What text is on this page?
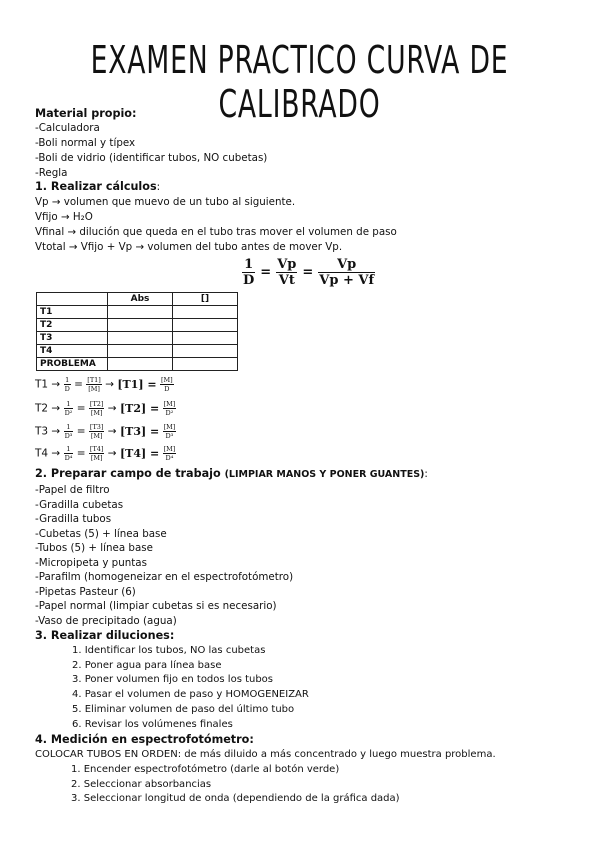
EXAMEN PRACTICO CURVA DE CALIBRADO
Material propio:
-Calculadora
-Boli normal y típex
-Boli de vidrio (identificar tubos, NO cubetas)
-Regla
1. Realizar cálculos:
Vp → volumen que muevo de un tubo al siguiente.
Vfijo → H₂O
Vfinal → dilución que queda en el tubo tras mover el volumen de paso
Vtotal → Vfijo + Vp → volumen del tubo antes de mover Vp.
$\frac{1}{D} = \frac{Vp}{Vt} = \frac{Vp}{Vp + Vf}$
	Abs	[]
T1		
T2		
T3		
T4		
PROBLEMA		
$T1 \to \frac{1}{D} = \frac{[T1]}{[M]} \to [T1] = \frac{[M]}{D}$
$T2 \to \frac{1}{\text{D²}} = \frac{[T2]}{[M]} \to [T2] = \frac{[M]}{\text{D²}}$
$T3 \to \frac{1}{\text{D³}} = \frac{[T3]}{[M]} \to [T3] = \frac{[M]}{\text{D³}}$
$T4 \to \frac{1}{\text{D⁴}} = \frac{[T4]}{[M]} \to [T4] = \frac{[M]}{\text{D⁴}}$
2. Preparar campo de trabajo (LIMPIAR MANOS Y PONER GUANTES):
-Papel de filtro
-Gradilla cubetas
-Gradilla tubos
-Cubetas (5) + línea base
-Tubos (5) + línea base
-Micropipeta y puntas
-Parafilm (homogeneizar en el espectrofotómetro)
-Pipetas Pasteur (6)
-Papel normal (limpiar cubetas si es necesario)
-Vaso de precipitado (agua)
3. Realizar diluciones:
1. Identificar los tubos, NO las cubetas
2. Poner agua para línea base
3. Poner volumen fijo en todos los tubos
4. Pasar el volumen de paso y HOMOGENEIZAR
5. Eliminar volumen de paso del último tubo
6. Revisar los volúmenes finales
4. Medición en espectrofotómetro:
COLOCAR TUBOS EN ORDEN: de más diluido a más concentrado y luego muestra problema.
1. Encender espectrofotómetro (darle al botón verde)
2. Seleccionar absorbancias
3. Seleccionar longitud de onda (dependiendo de la gráfica dada)
